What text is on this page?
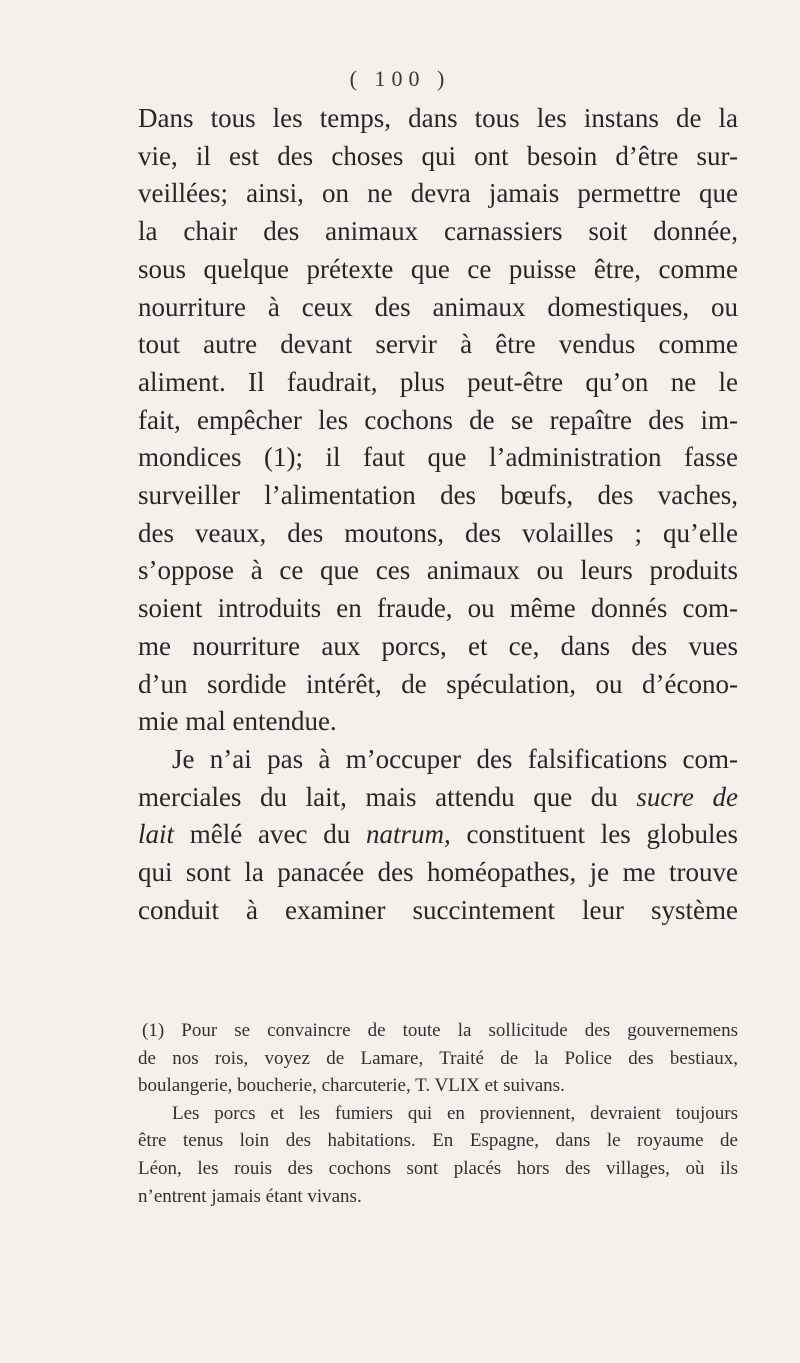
( 100 )
Dans tous les temps, dans tous les instans de la
vie, il est des choses qui ont besoin d’être sur-
veillées; ainsi, on ne devra jamais permettre que
la chair des animaux carnassiers soit donnée,
sous quelque prétexte que ce puisse être, comme
nourriture à ceux des animaux domestiques, ou
tout autre devant servir à être vendus comme
aliment. Il faudrait, plus peut-être qu’on ne le
fait, empêcher les cochons de se repaître des im-
mondices (1); il faut que l’administration fasse
surveiller l’alimentation des bœufs, des vaches,
des veaux, des moutons, des volailles ; qu’elle
s’oppose à ce que ces animaux ou leurs produits
soient introduits en fraude, ou même donnés com-
me nourriture aux porcs, et ce, dans des vues
d’un sordide intérêt, de spéculation, ou d’écono-
mie mal entendue.
Je n’ai pas à m’occuper des falsifications com-
merciales du lait, mais attendu que du sucre de
lait mêlé avec du natrum, constituent les globules
qui sont la panacée des homéopathes, je me trouve
conduit à examiner succintement leur système
(1) Pour se convaincre de toute la sollicitude des gouvernemens
de nos rois, voyez de Lamare, Traité de la Police des bestiaux,
boulangerie, boucherie, charcuterie, T. VLIX et suivans.
Les porcs et les fumiers qui en proviennent, devraient toujours
être tenus loin des habitations. En Espagne, dans le royaume de
Léon, les rouis des cochons sont placés hors des villages, où ils
n’entrent jamais étant vivans.
